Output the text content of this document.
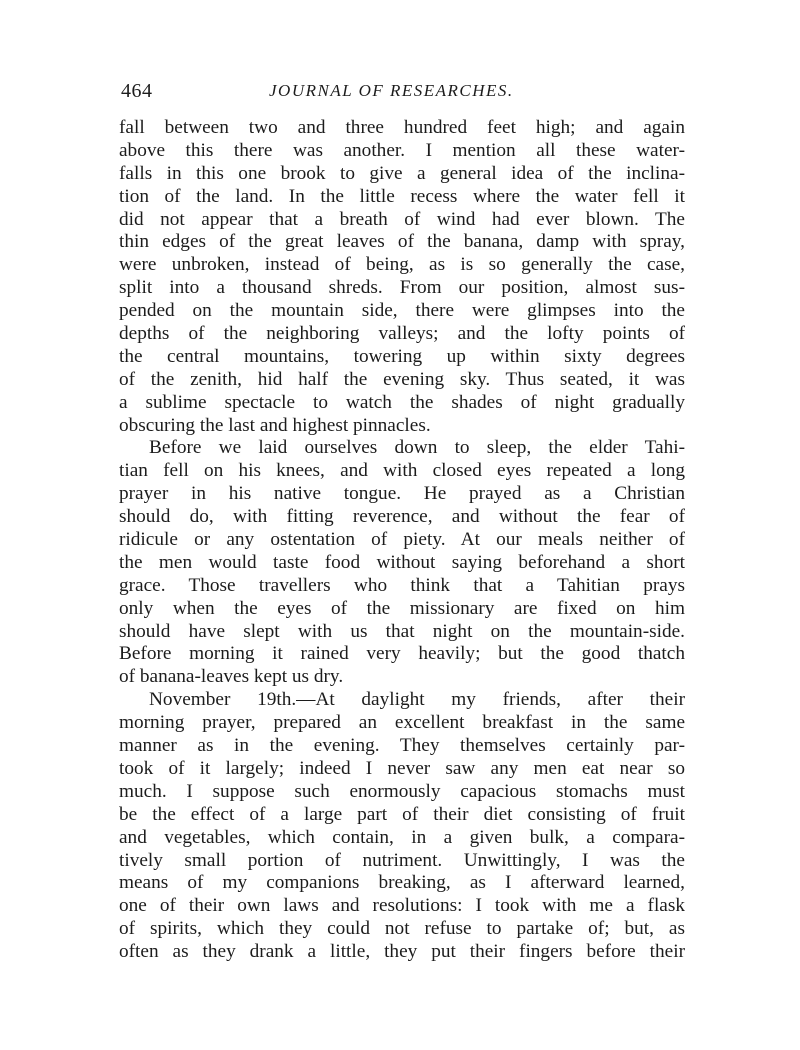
464	JOURNAL OF RESEARCHES.
fall between two and three hundred feet high; and again
above this there was another. I mention all these water-
falls in this one brook to give a general idea of the inclina-
tion of the land. In the little recess where the water fell it
did not appear that a breath of wind had ever blown. The
thin edges of the great leaves of the banana, damp with spray,
were unbroken, instead of being, as is so generally the case,
split into a thousand shreds. From our position, almost sus-
pended on the mountain side, there were glimpses into the
depths of the neighboring valleys; and the lofty points of
the central mountains, towering up within sixty degrees
of the zenith, hid half the evening sky. Thus seated, it was
a sublime spectacle to watch the shades of night gradually
obscuring the last and highest pinnacles.
Before we laid ourselves down to sleep, the elder Tahi-
tian fell on his knees, and with closed eyes repeated a long
prayer in his native tongue. He prayed as a Christian
should do, with fitting reverence, and without the fear of
ridicule or any ostentation of piety. At our meals neither of
the men would taste food without saying beforehand a short
grace. Those travellers who think that a Tahitian prays
only when the eyes of the missionary are fixed on him
should have slept with us that night on the mountain-side.
Before morning it rained very heavily; but the good thatch
of banana-leaves kept us dry.
November 19th.—At daylight my friends, after their
morning prayer, prepared an excellent breakfast in the same
manner as in the evening. They themselves certainly par-
took of it largely; indeed I never saw any men eat near so
much. I suppose such enormously capacious stomachs must
be the effect of a large part of their diet consisting of fruit
and vegetables, which contain, in a given bulk, a compara-
tively small portion of nutriment. Unwittingly, I was the
means of my companions breaking, as I afterward learned,
one of their own laws and resolutions: I took with me a flask
of spirits, which they could not refuse to partake of; but, as
often as they drank a little, they put their fingers before their
